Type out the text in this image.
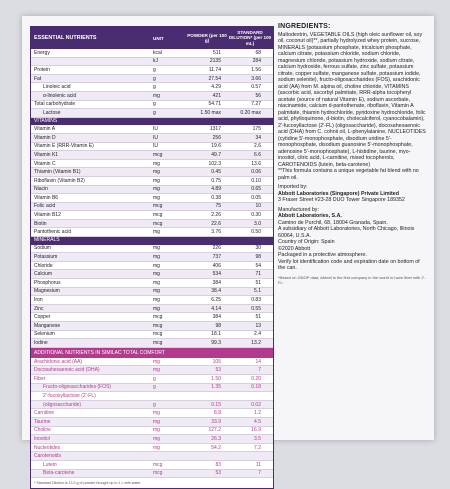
ESSENTIAL NUTRIENTS	UNIT
POWDER (per 100 g)
STANDARD DILUTION* (per 100 mL)
Energy	kcal	511	68
kJ	2135	284
Protein	g	11.74	1.56
Fat	g	27.54	3.66
Linoleic acid	g	4.29	0.57
α-linolenic acid	mg	421	56
Total carbohydrate	g	54.71	7.27
Lactose	g	1.50 max	0.20 max
VITAMINS
Vitamin A	IU	1317	175
Vitamin D	IU	256	34
Vitamin E (RRR-Vitamin E)	IU	19.6	2.6
Vitamin K1	mcg	49.7	6.6
Vitamin C	mg	102.3	13.6
Thiamin (Vitamin B1)	mg	0.45	0.06
Riboflavin (Vitamin B2)	mg	0.75	0.10
Niacin	mg	4.89	0.65
Vitamin B6	mg	0.38	0.05
Folic acid	mcg	75	10
Vitamin B12	mcg	2.26	0.30
Biotin	mcg	22.6	3.0
Pantothenic acid	mg	3.76	0.50
MINERALS
Sodium	mg	226	30
Potassium	mg	737	98
Chloride	mg	406	54
Calcium	mg	534	71
Phosphorus	mg	384	51
Magnesium	mg	38.4	5.1
Iron	mg	6.25	0.83
Zinc	mg	4.14	0.55
Copper	mcg	384	51
Manganese	mcg	98	13
Selenium	mcg	18.1	2.4
Iodine	mcg	99.3	13.2
ADDITIONAL NUTRIENTS IN SIMILAC TOTAL COMFORT
Arachidonic acid (AA)	mg	105	14
Docosahexaenoic acid (DHA)	mg	53	7
Fiber	g	1.50	0.20
Fructo-oligosaccharides (FOS)	g	1.35	0.18
2'-fucosyllactose (2'-FL)
(oligosaccharide)	g	0.15	0.02
Carnitine	mg	8.8	1.2
Taurine	mg	33.9	4.5
Choline	mg	127.2	16.9
Inositol	mg	26.3	3.5
Nucleotides	mg	54.2	7.2
Carotenoids
Lutein	mcg	83	11
Beta-carotene	mcg	53	7
* Standard Dilution is 13.3 g of powder brought up to 1 L with water.
INGREDIENTS:

Maltodextrin, VEGETABLE OILS (high oleic sunflower oil, soy oil, coconut oil)**, partially hydrolyzed whey protein, sucrose, MINERALS (potassium phosphate, tricalcium phosphate, calcium citrate, potassium chloride, sodium chloride, magnesium chloride, potassium hydroxide, sodium citrate, calcium hydroxide, ferrous sulfate, zinc sulfate, potassium citrate, copper sulfate, manganese sulfate, potassium iodide, sodium selenite), fructo-oligosaccharides (FOS), arachidonic acid (AA) from M. alpina oil, choline chloride, VITAMINS (ascorbic acid, ascorbyl palmitate, RRR-alpha tocopheryl acetate (source of natural Vitamin E), sodium ascorbate, niacinamide, calcium d-pantothenate, riboflavin, Vitamin A palmitate, thiamin hydrochloride, pyridoxine hydrochloride, folic acid, phylloquinone, d-biotin, cholecalciferol, cyanocobalamin), 2'-fucosyllactose (2'-FL) (oligosaccharide), docosahexaenoic acid (DHA) from C. cohnii oil, L-phenylalanine, NUCLEOTIDES (cytidine 5'-monophosphate, disodium uridine 5'-monophosphate, disodium guanosine 5'-monophosphate, adenosine 5'-monophosphate), L-histidine, taurine, myo-inositol, citric acid, L-carnitine, mixed tocopherols, CAROTENOIDS (lutein, beta-carotene)

**This formula contains a unique vegetable fat blend with no palm oil.

Imported by:

Abbott Laboratories (Singapore) Private Limited

3 Fraser Street #23-28 DUO Tower Singapore 189352

Manufactured by:

Abbott Laboratories, S.A.

Camino de Purchil, 68, 18004 Granada, Spain.

A subsidiary of Abbott Laboratories, North Chicago, Illinois 60064, U.S.A.

Country of Origin: Spain

©2020 Abbott

Packaged in a protective atmosphere.

Verify lot identification code and expiration date on bottom of the can.

*Based on GNOP data, Abbott is the first company in the world to have fiber with 2'-FL.
